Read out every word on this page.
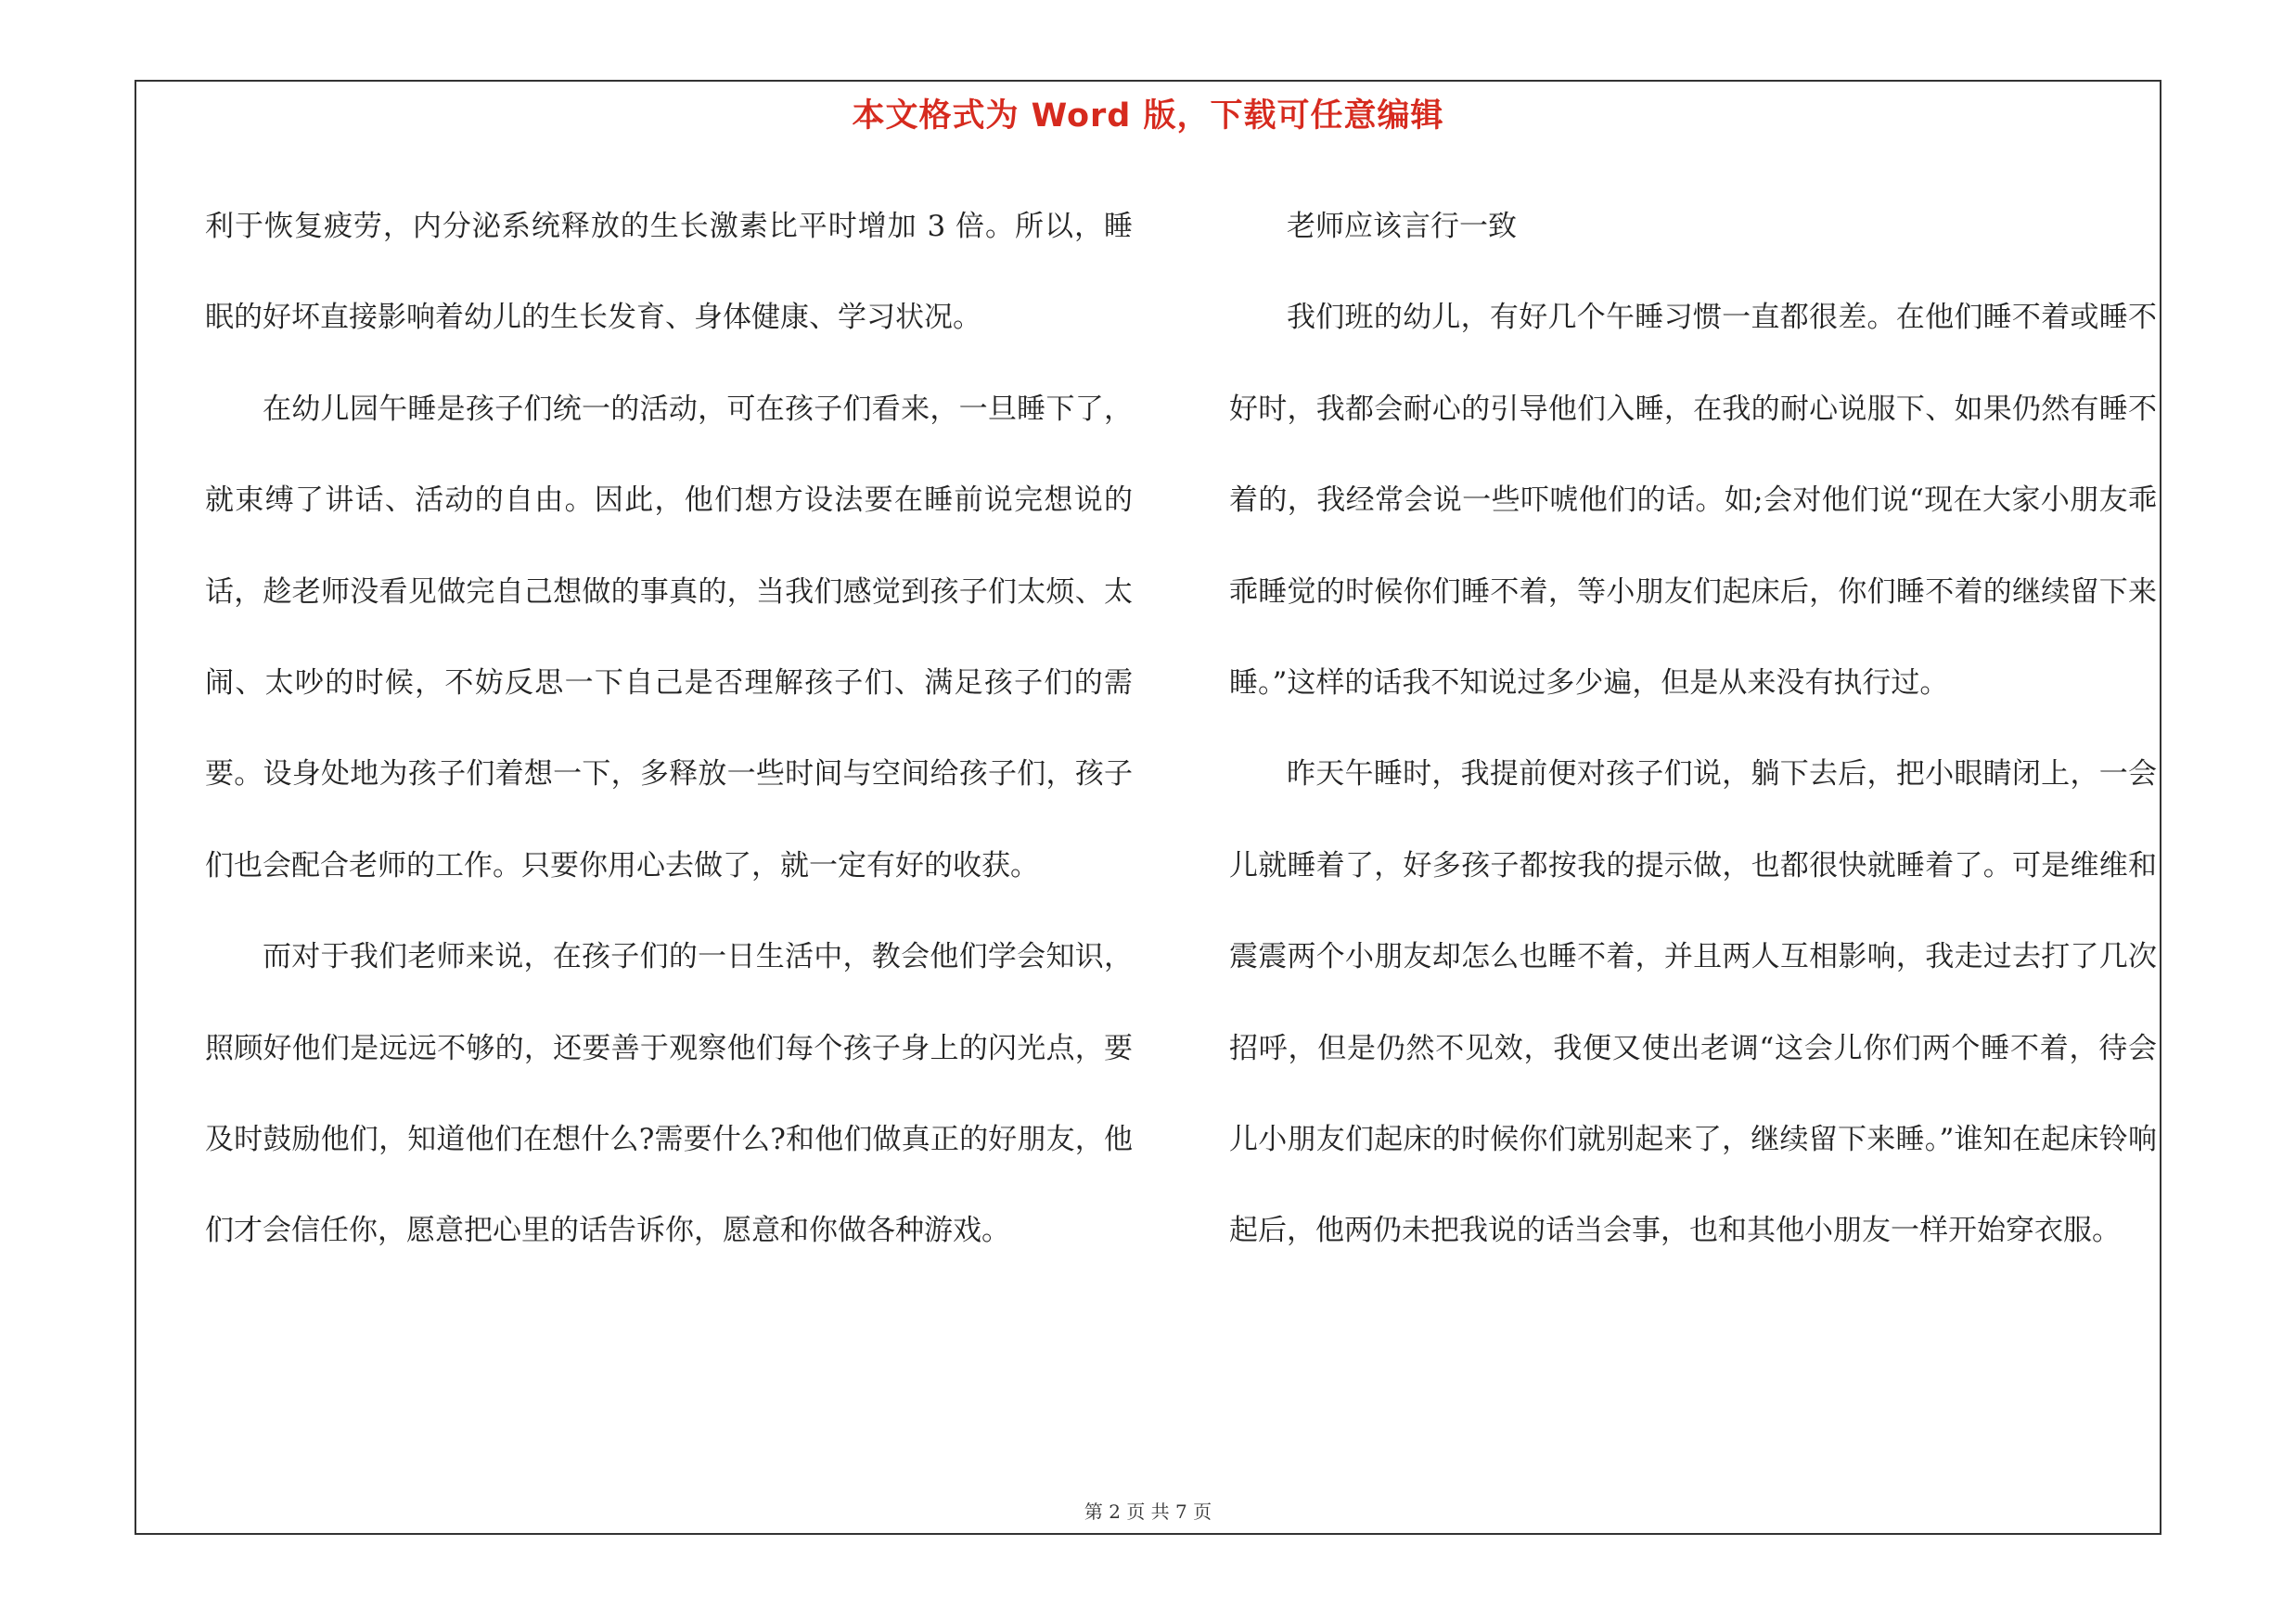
本文格式为 Word 版，下载可任意编辑

利于恢复疲劳，内分泌系统释放的生长激素比平时增加 3 倍。所以，睡眠的好坏直接影响着幼儿的生长发育、身体健康、学习状况。

在幼儿园午睡是孩子们统一的活动，可在孩子们看来，一旦睡下了，就束缚了讲话、活动的自由。因此，他们想方设法要在睡前说完想说的话，趁老师没看见做完自己想做的事真的，当我们感觉到孩子们太烦、太闹、太吵的时候，不妨反思一下自己是否理解孩子们、满足孩子们的需要。设身处地为孩子们着想一下，多释放一些时间与空间给孩子们，孩子们也会配合老师的工作。只要你用心去做了，就一定有好的收获。

而对于我们老师来说，在孩子们的一日生活中，教会他们学会知识，照顾好他们是远远不够的，还要善于观察他们每个孩子身上的闪光点，要及时鼓励他们，知道他们在想什么?需要什么?和他们做真正的好朋友，他们才会信任你，愿意把心里的话告诉你，愿意和你做各种游戏。

老师应该言行一致

我们班的幼儿，有好几个午睡习惯一直都很差。在他们睡不着或睡不好时，我都会耐心的引导他们入睡，在我的耐心说服下、如果仍然有睡不着的，我经常会说一些吓唬他们的话。如;会对他们说“现在大家小朋友乖乖睡觉的时候你们睡不着，等小朋友们起床后，你们睡不着的继续留下来睡。”这样的话我不知说过多少遍，但是从来没有执行过。

昨天午睡时，我提前便对孩子们说，躺下去后，把小眼睛闭上，一会儿就睡着了，好多孩子都按我的提示做，也都很快就睡着了。可是维维和震震两个小朋友却怎么也睡不着，并且两人互相影响，我走过去打了几次招呼，但是仍然不见效，我便又使出老调“这会儿你们两个睡不着，待会儿小朋友们起床的时候你们就别起来了，继续留下来睡。”谁知在起床铃响起后，他两仍未把我说的话当会事，也和其他小朋友一样开始穿衣服。

第 2 页 共 7 页
